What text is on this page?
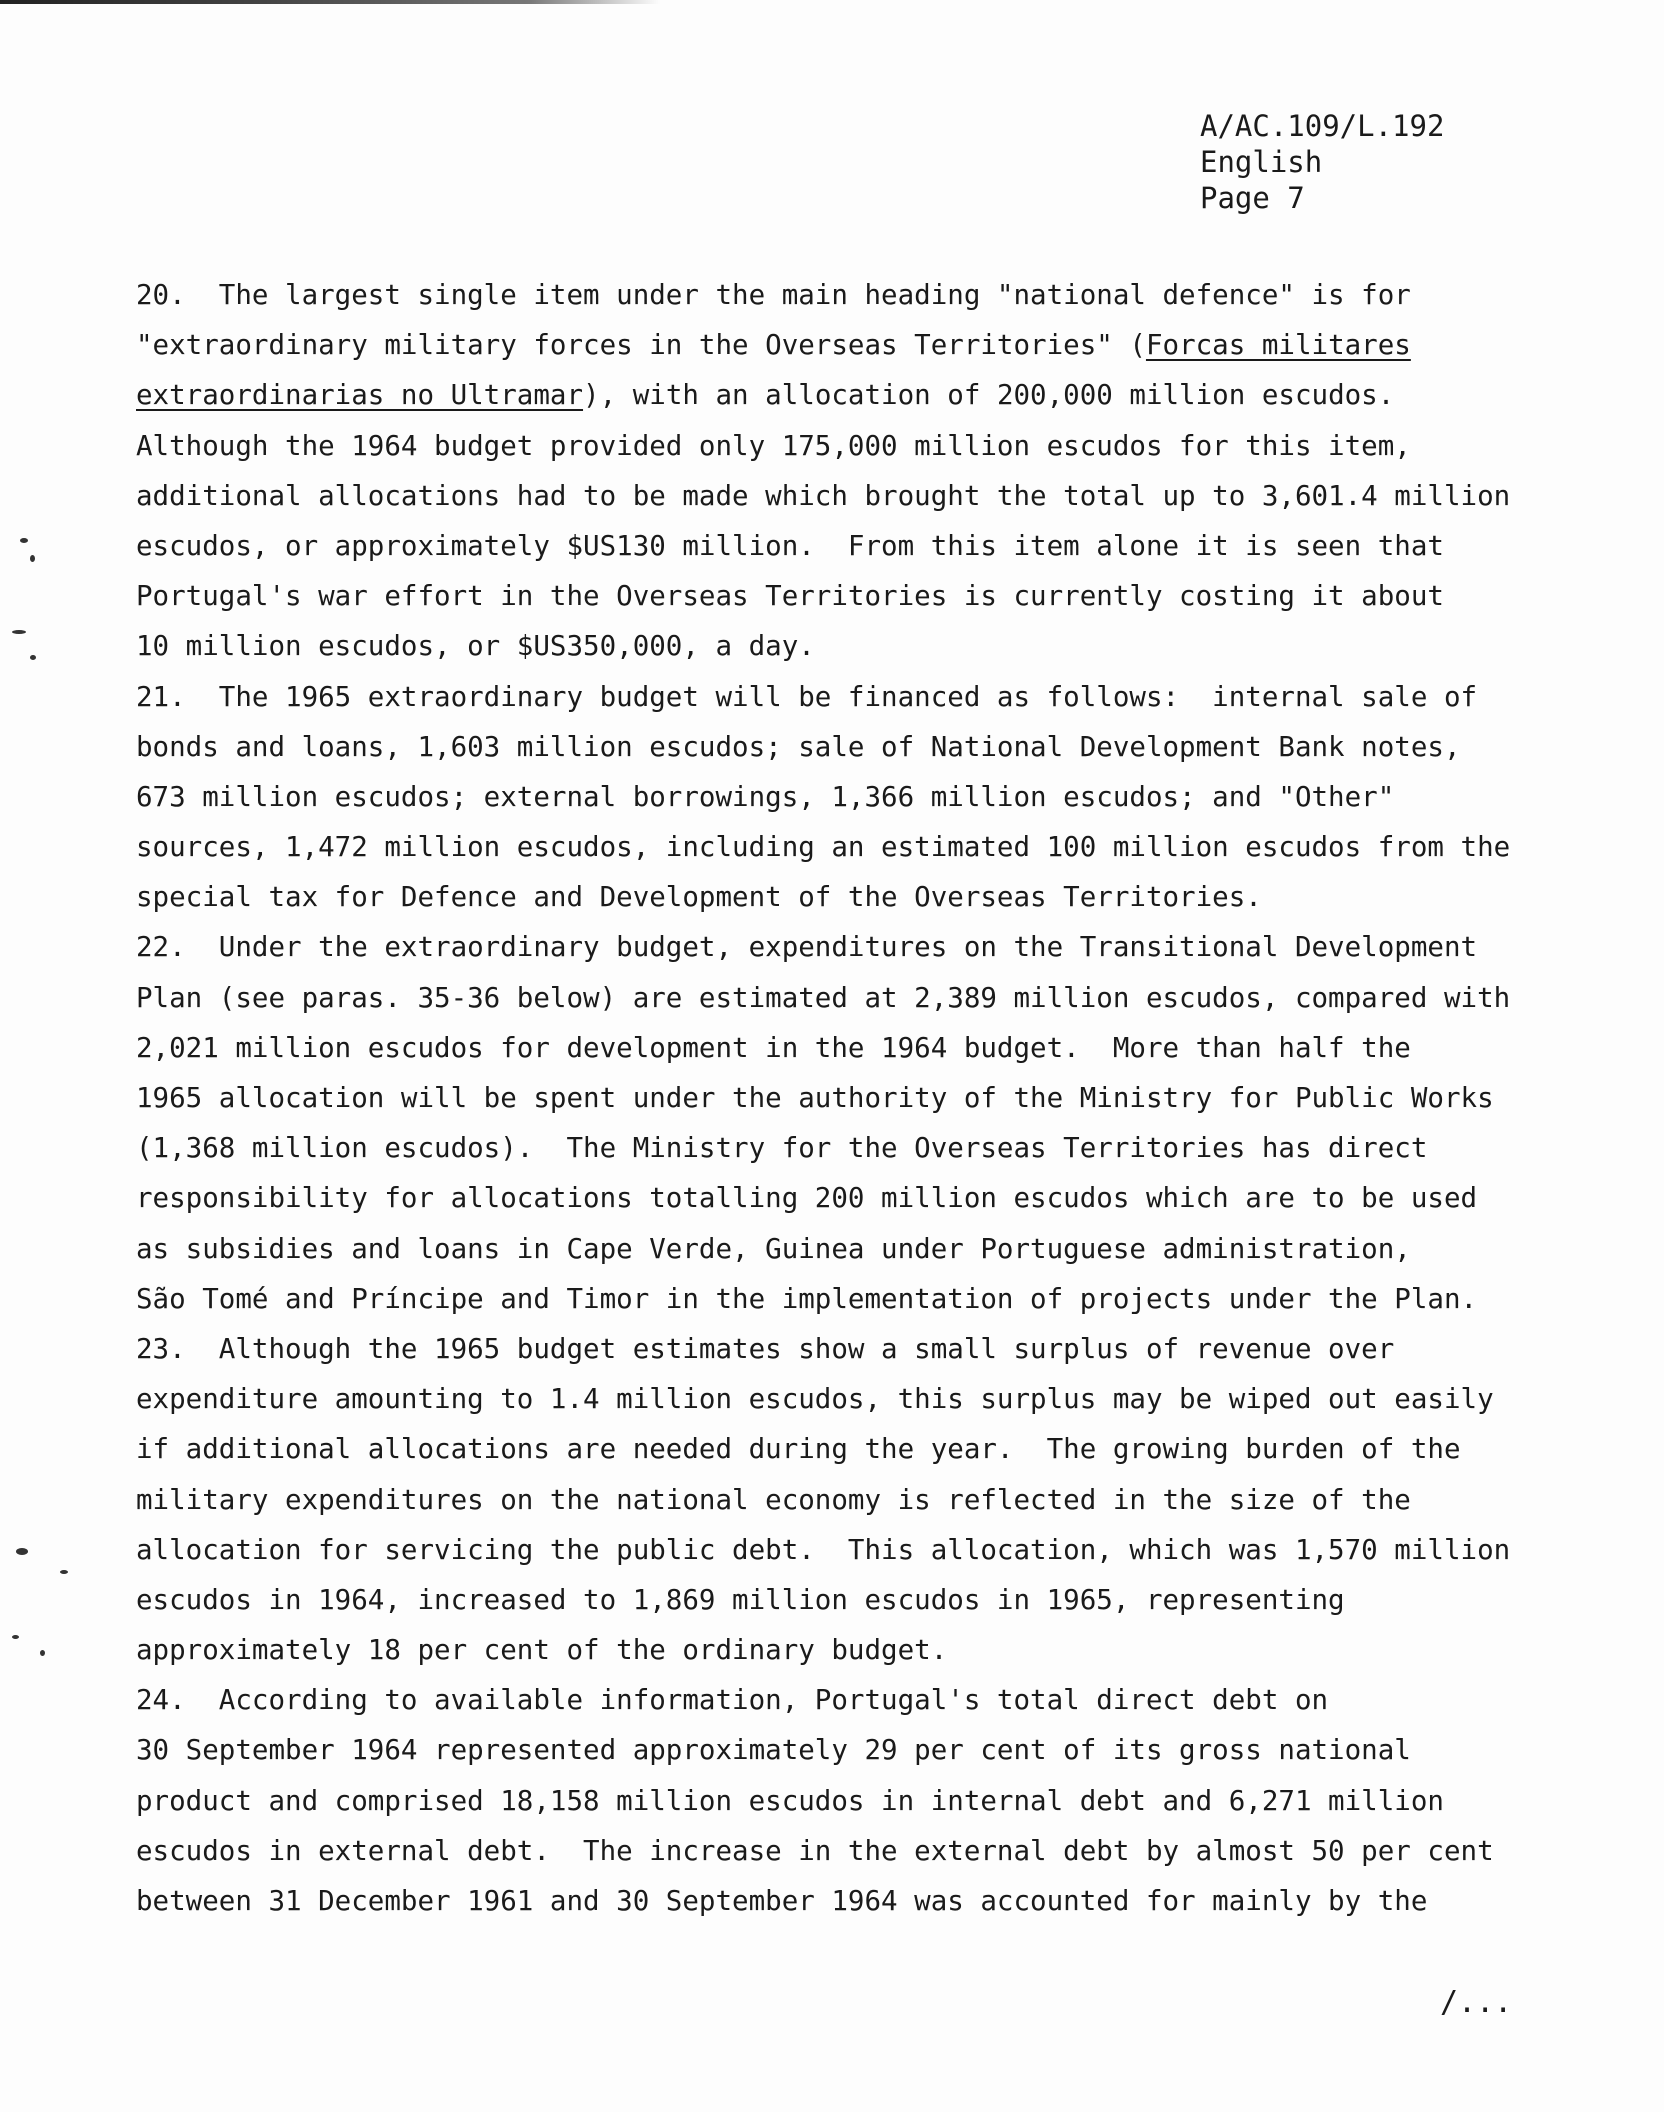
A/AC.109/L.192
English
Page 7
20.  The largest single item under the main heading "national defence" is for
"extraordinary military forces in the Overseas Territories" (Forcas militares
extraordinarias no Ultramar), with an allocation of 200,000 million escudos.
Although the 1964 budget provided only 175,000 million escudos for this item,
additional allocations had to be made which brought the total up to 3,601.4 million
escudos, or approximately $US130 million.  From this item alone it is seen that
Portugal's war effort in the Overseas Territories is currently costing it about
10 million escudos, or $US350,000, a day.
21.  The 1965 extraordinary budget will be financed as follows:  internal sale of
bonds and loans, 1,603 million escudos; sale of National Development Bank notes,
673 million escudos; external borrowings, 1,366 million escudos; and "Other"
sources, 1,472 million escudos, including an estimated 100 million escudos from the
special tax for Defence and Development of the Overseas Territories.
22.  Under the extraordinary budget, expenditures on the Transitional Development
Plan (see paras. 35-36 below) are estimated at 2,389 million escudos, compared with
2,021 million escudos for development in the 1964 budget.  More than half the
1965 allocation will be spent under the authority of the Ministry for Public Works
(1,368 million escudos).  The Ministry for the Overseas Territories has direct
responsibility for allocations totalling 200 million escudos which are to be used
as subsidies and loans in Cape Verde, Guinea under Portuguese administration,
São Tomé and Príncipe and Timor in the implementation of projects under the Plan.
23.  Although the 1965 budget estimates show a small surplus of revenue over
expenditure amounting to 1.4 million escudos, this surplus may be wiped out easily
if additional allocations are needed during the year.  The growing burden of the
military expenditures on the national economy is reflected in the size of the
allocation for servicing the public debt.  This allocation, which was 1,570 million
escudos in 1964, increased to 1,869 million escudos in 1965, representing
approximately 18 per cent of the ordinary budget.
24.  According to available information, Portugal's total direct debt on
30 September 1964 represented approximately 29 per cent of its gross national
product and comprised 18,158 million escudos in internal debt and 6,271 million
escudos in external debt.  The increase in the external debt by almost 50 per cent
between 31 December 1961 and 30 September 1964 was accounted for mainly by the
/...
